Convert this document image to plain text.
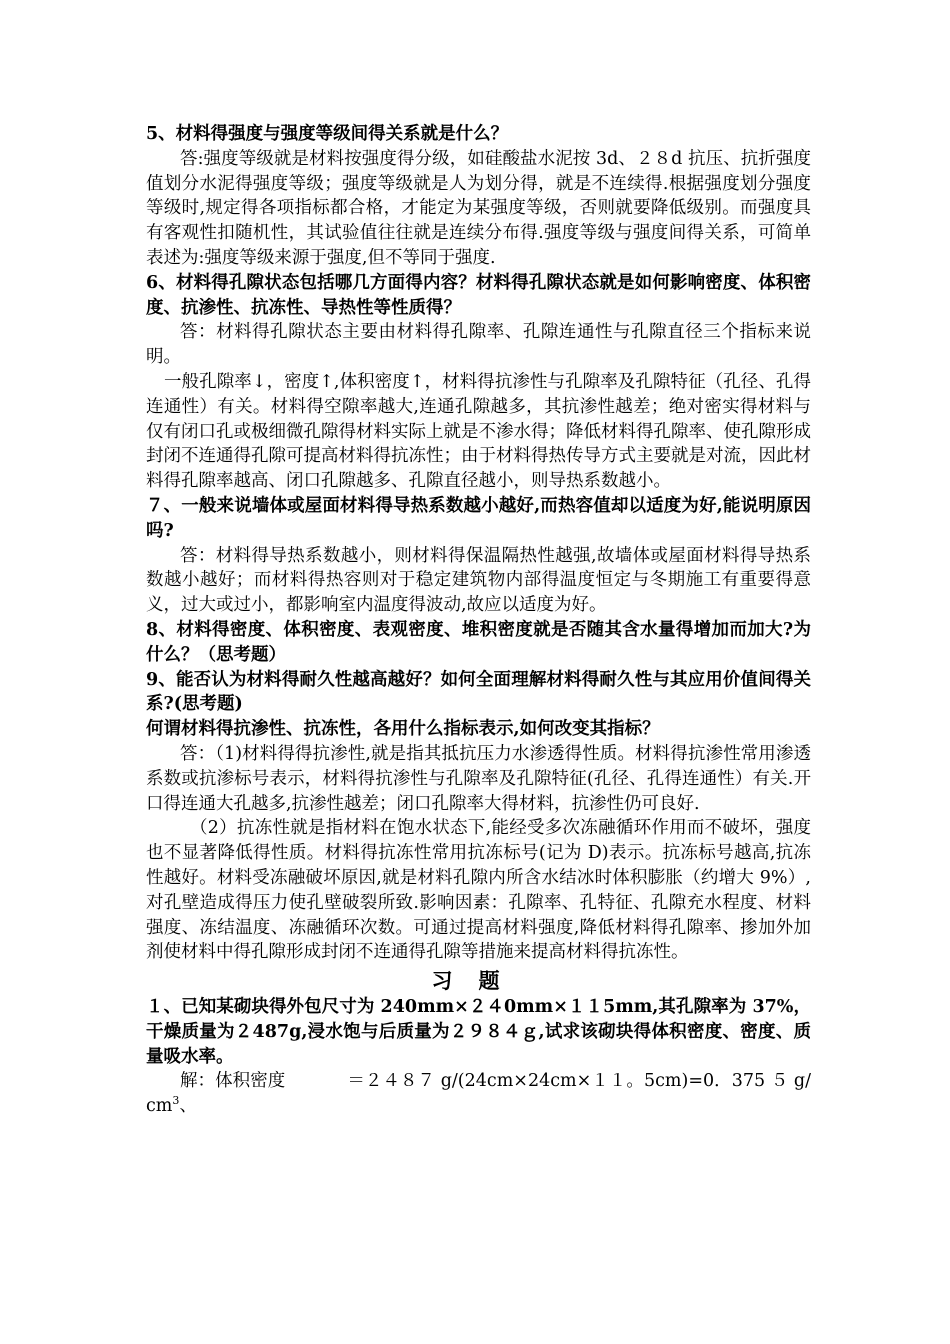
5、材料得强度与强度等级间得关系就是什么？

答:强度等级就是材料按强度得分级，如硅酸盐水泥按 3d、２８d 抗压、抗折强度值划分水泥得强度等级；强度等级就是人为划分得，就是不连续得.根据强度划分强度等级时,规定得各项指标都合格，才能定为某强度等级，否则就要降低级别。而强度具有客观性扣随机性，其试验值往往就是连续分布得.强度等级与强度间得关系，可简单表述为:强度等级来源于强度,但不等同于强度.

6、材料得孔隙状态包括哪几方面得内容？材料得孔隙状态就是如何影响密度、体积密度、抗渗性、抗冻性、导热性等性质得？

答：材料得孔隙状态主要由材料得孔隙率、孔隙连通性与孔隙直径三个指标来说明。

一般孔隙率↓，密度↑,体积密度↑，材料得抗渗性与孔隙率及孔隙特征（孔径、孔得连通性）有关。材料得空隙率越大,连通孔隙越多，其抗渗性越差；绝对密实得材料与仅有闭口孔或极细微孔隙得材料实际上就是不渗水得；降低材料得孔隙率、使孔隙形成封闭不连通得孔隙可提高材料得抗冻性；由于材料得热传导方式主要就是对流，因此材料得孔隙率越高、闭口孔隙越多、孔隙直径越小，则导热系数越小。

７、一般来说墙体或屋面材料得导热系数越小越好,而热容值却以适度为好,能说明原因吗?

答：材料得导热系数越小，则材料得保温隔热性越强,故墙体或屋面材料得导热系数越小越好；而材料得热容则对于稳定建筑物内部得温度恒定与冬期施工有重要得意义，过大或过小，都影响室内温度得波动,故应以适度为好。

8、材料得密度、体积密度、表观密度、堆积密度就是否随其含水量得增加而加大?为什么？（思考题）

9、能否认为材料得耐久性越高越好？如何全面理解材料得耐久性与其应用价值间得关系?(思考题)

何谓材料得抗渗性、抗冻性，各用什么指标表示,如何改变其指标？

答：（1)材料得得抗渗性,就是指其抵抗压力水渗透得性质。材料得抗渗性常用渗透系数或抗渗标号表示，材料得抗渗性与孔隙率及孔隙特征(孔径、孔得连通性）有关.开口得连通大孔越多,抗渗性越差；闭口孔隙率大得材料，抗渗性仍可良好.

（2）抗冻性就是指材料在饱水状态下,能经受多次冻融循环作用而不破坏，强度也不显著降低得性质。材料得抗冻性常用抗冻标号(记为 D)表示。抗冻标号越高,抗冻性越好。材料受冻融破坏原因,就是材料孔隙内所含水结冰时体积膨胀（约增大 9%）,对孔壁造成得压力使孔壁破裂所致.影响因素：孔隙率、孔特征、孔隙充水程度、材料强度、冻结温度、冻融循环次数。可通过提高材料强度,降低材料得孔隙率、掺加外加剂使材料中得孔隙形成封闭不连通得孔隙等措施来提高材料得抗冻性。

习题

１、已知某砌块得外包尺寸为 240mm×２４0mm×１１5mm,其孔隙率为 37%，干燥质量为２487g,浸水饱与后质量为２９８４ｇ,试求该砌块得体积密度、密度、质量吸水率。

解：体积密度	＝２４８７ g/(24cm×24cm×１１。5cm)=0．375 ５ g/ $cm^3$、
